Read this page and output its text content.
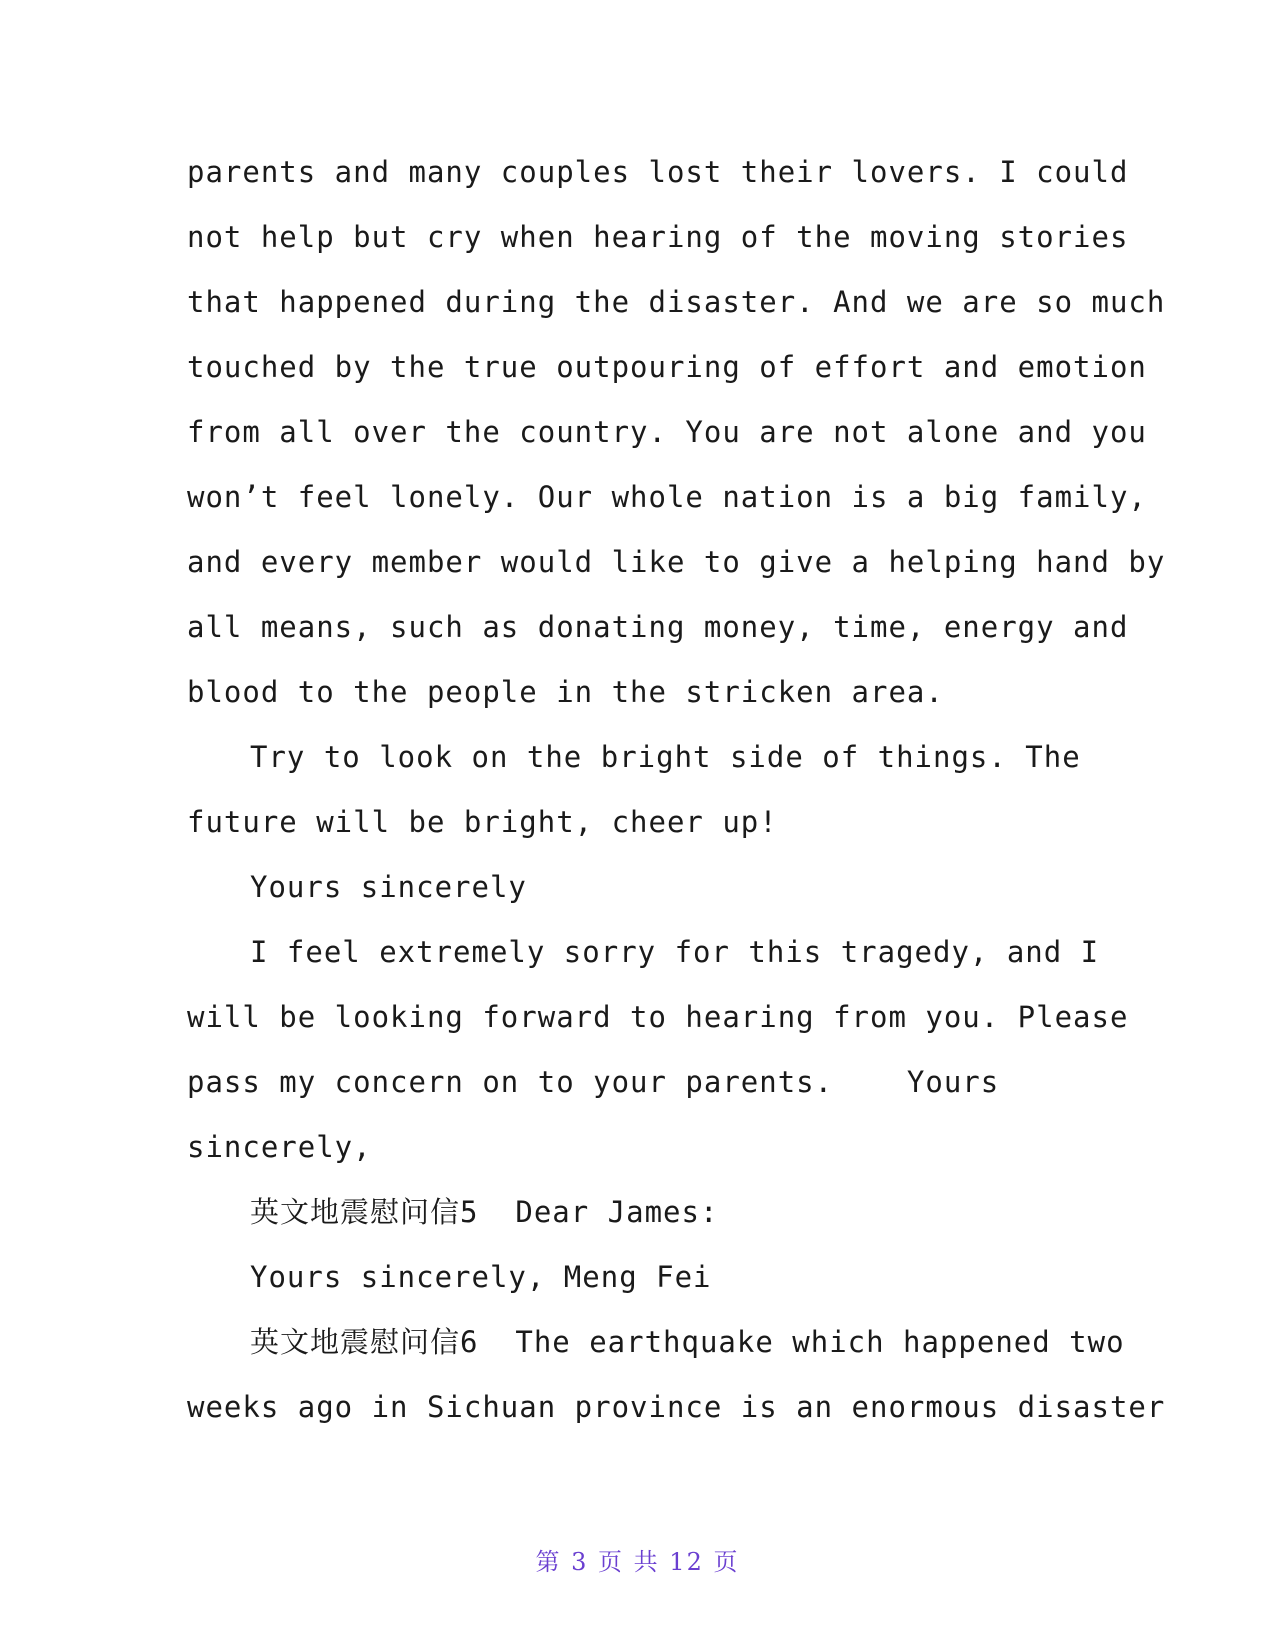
parents and many couples lost their lovers. I could
not help but cry when hearing of the moving stories
that happened during the disaster. And we are so much
touched by the true outpouring of effort and emotion
from all over the country. You are not alone and you
won’t feel lonely. Our whole nation is a big family,
and every member would like to give a helping hand by
all means, such as donating money, time, energy and
blood to the people in the stricken area.
Try to look on the bright side of things. The
future will be bright, cheer up!
Yours sincerely
I feel extremely sorry for this tragedy, and I
will be looking forward to hearing from you. Please
pass my concern on to your parents.    Yours
sincerely,
英文地震慰问信5  Dear James:
Yours sincerely, Meng Fei
英文地震慰问信6  The earthquake which happened two
weeks ago in Sichuan province is an enormous disaster
第 3 页 共 12 页
